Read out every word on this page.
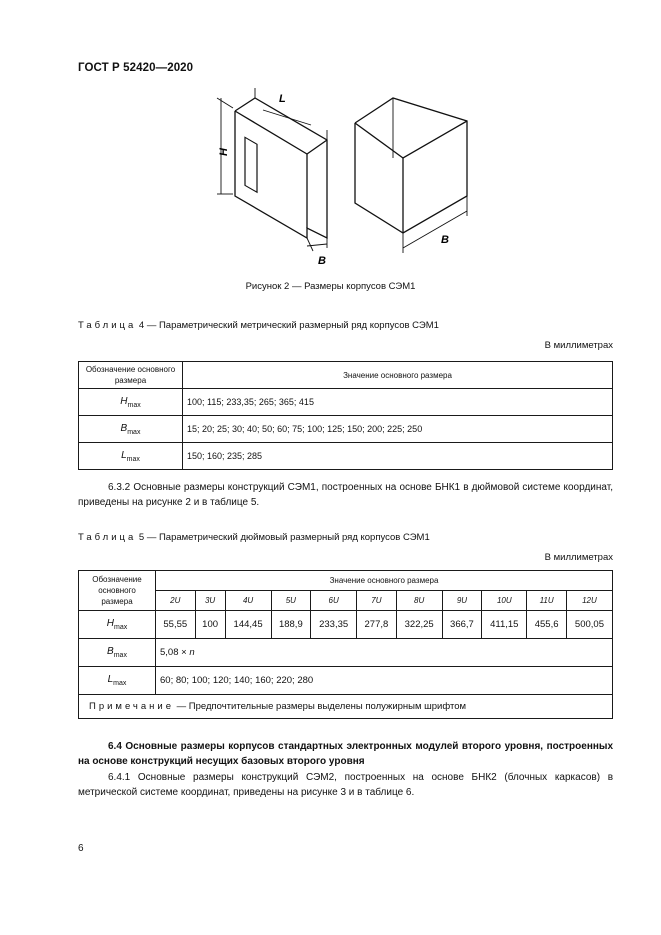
ГОСТ Р 52420—2020
L
H
B
B
Рисунок 2 — Размеры корпусов СЭМ1
Таблица 4 — Параметрический метрический размерный ряд корпусов СЭМ1
В миллиметрах
Обозначение основного размера	Значение основного размера
$H_{max}$	100; 115; 233,35; 265; 365; 415
$B_{max}$	15; 20; 25; 30; 40; 50; 60; 75; 100; 125; 150; 200; 225; 250
$L_{max}$	150; 160; 235; 285
6.3.2 Основные размеры конструкций СЭМ1, построенных на основе БНК1 в дюймовой системе координат, приведены на рисунке 2 и в таблице 5.
Таблица 5 — Параметрический дюймовый размерный ряд корпусов СЭМ1
В миллиметрах
Обозначение основного размера	Значение основного размера										
	2U	3U	4U	5U	6U	7U	8U	9U	10U	11U	12U
$H_{max}$	55,55	100	144,45	188,9	233,35	277,8	322,25	366,7	411,15	455,6	500,05
$B_{max}$	5,08 × n										
$L_{max}$	60; 80; 100; 120; 140; 160; 220; 280										
Примечание — Предпочтительные размеры выделены полужирным шрифтом											
6.4 Основные размеры корпусов стандартных электронных модулей второго уровня, построенных на основе конструкций несущих базовых второго уровня
6.4.1 Основные размеры конструкций СЭМ2, построенных на основе БНК2 (блочных каркасов) в метрической системе координат, приведены на рисунке 3 и в таблице 6.
6
